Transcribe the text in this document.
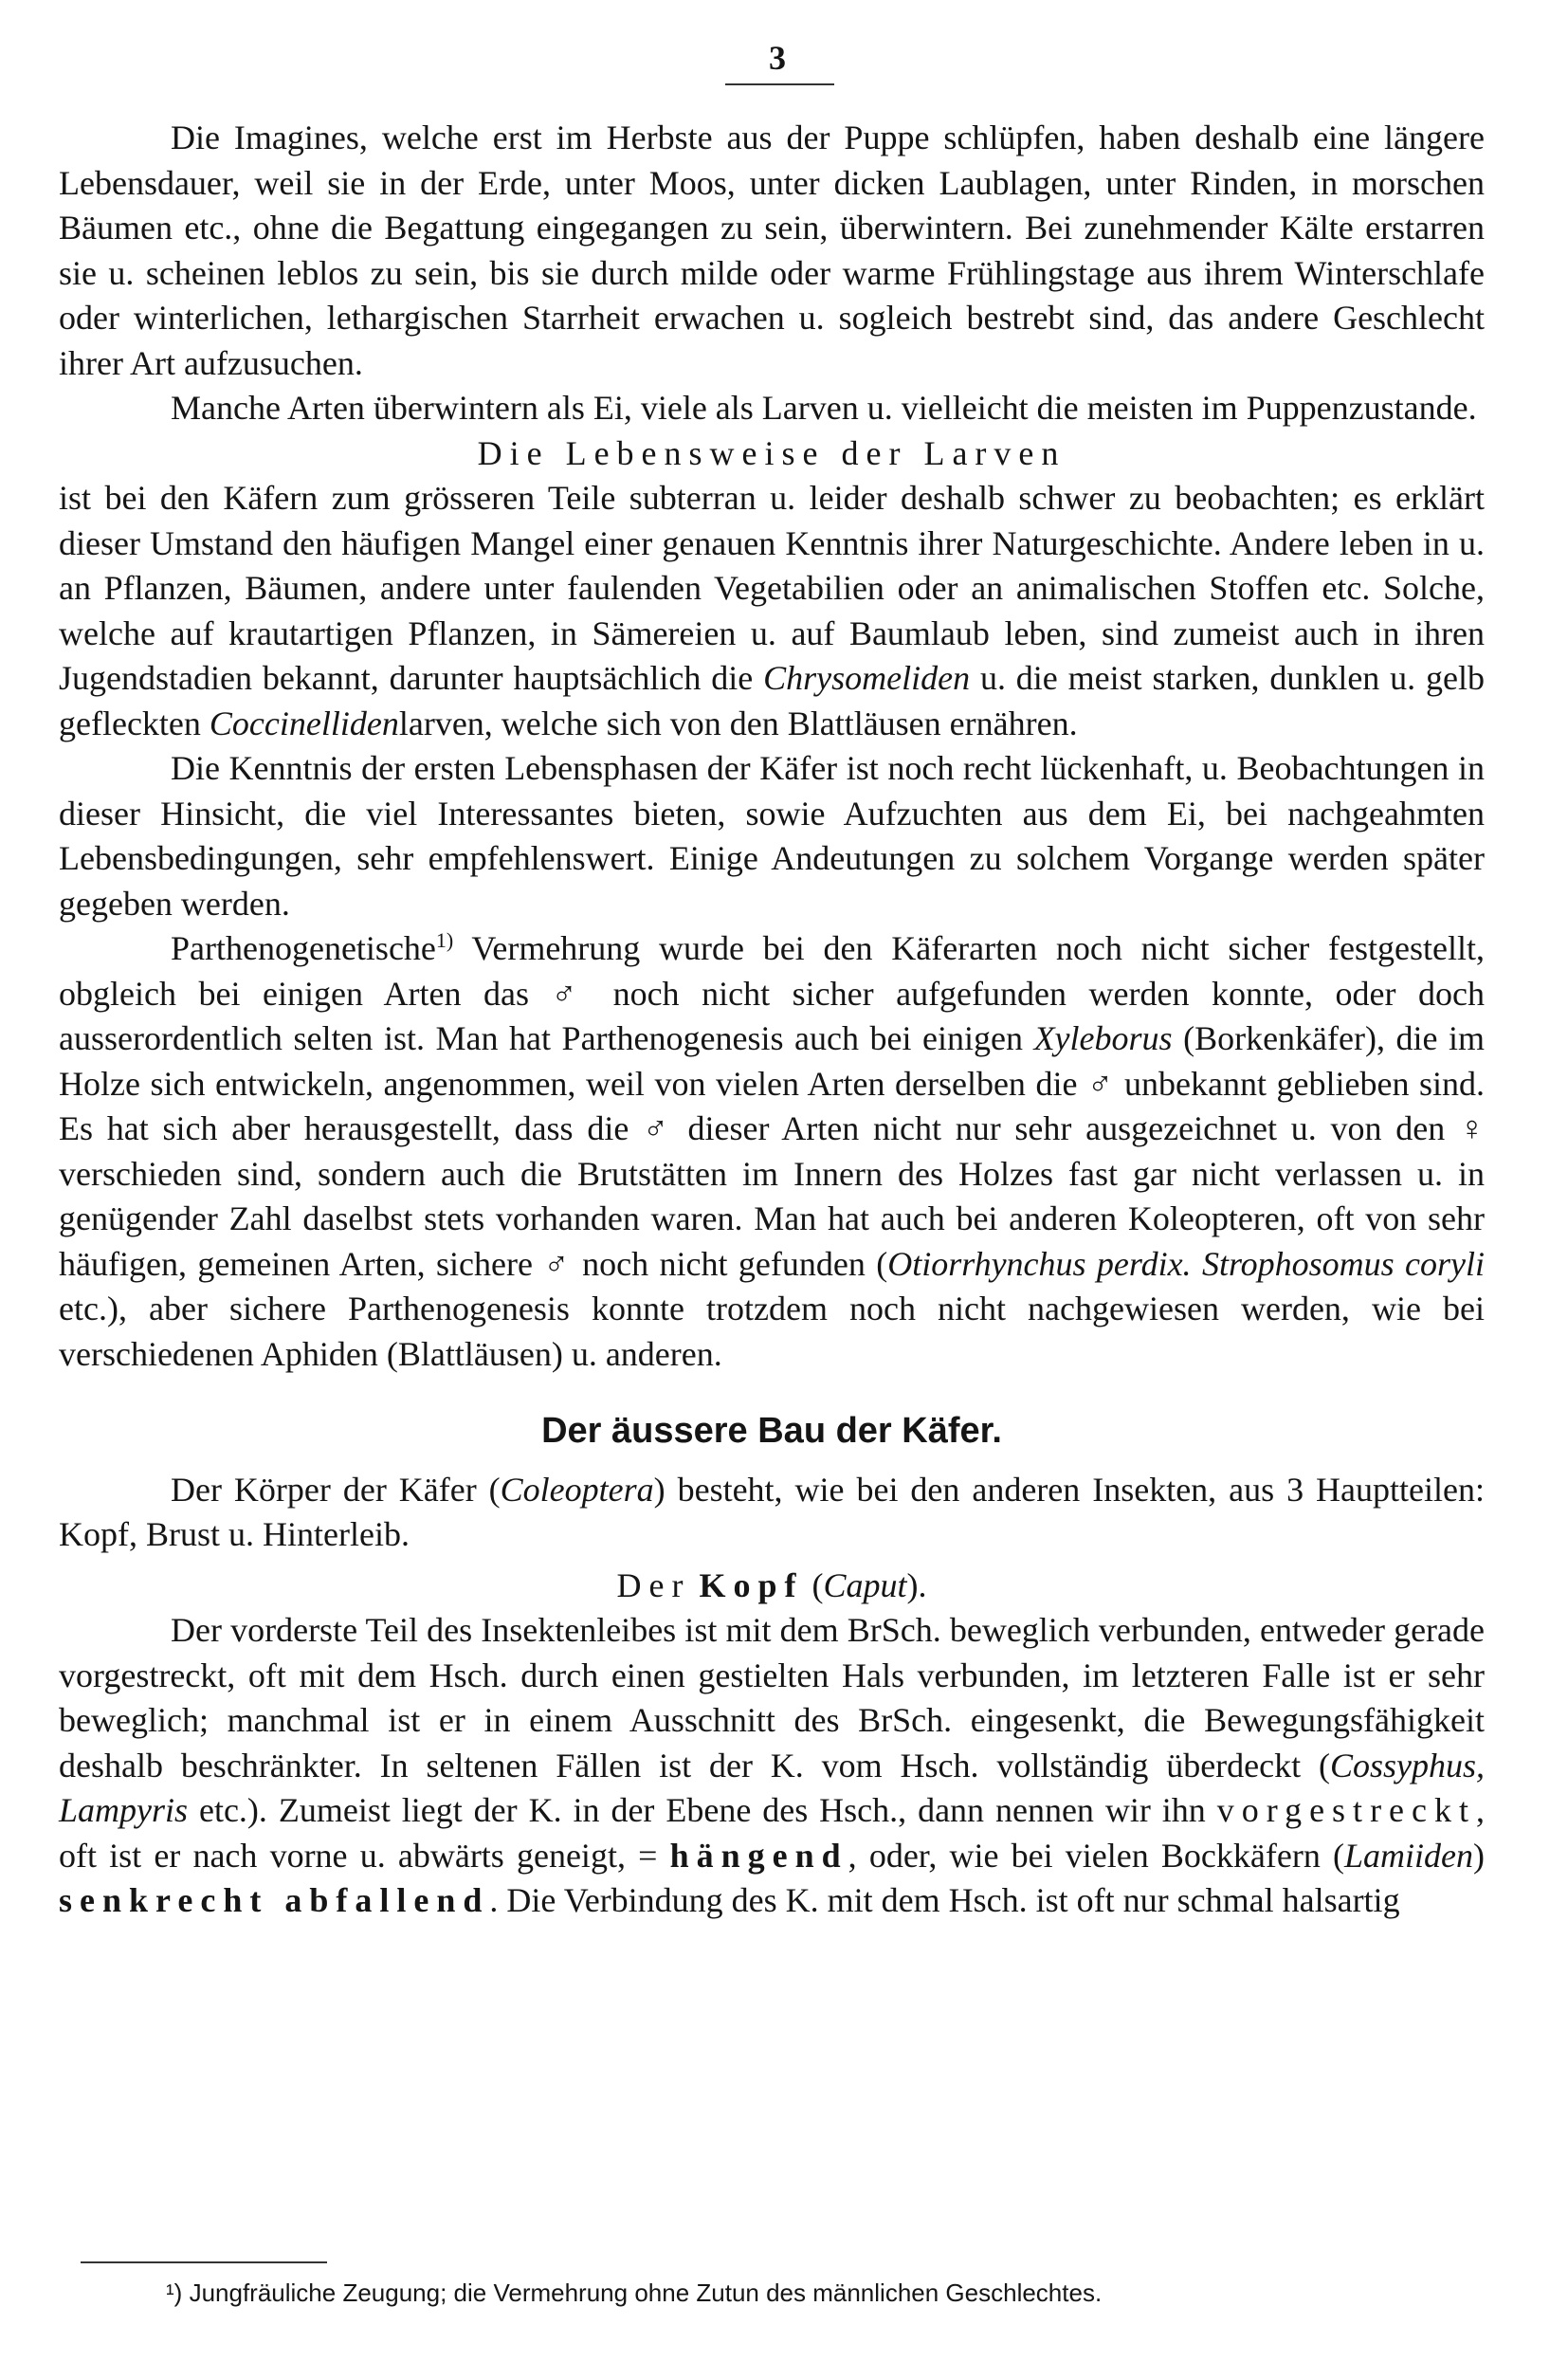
3

Die Imagines, welche erst im Herbste aus der Puppe schlüpfen, haben deshalb eine längere Lebensdauer, weil sie in der Erde, unter Moos, unter dicken Laublagen, unter Rinden, in morschen Bäumen etc., ohne die Begattung eingegangen zu sein, überwintern. Bei zunehmender Kälte erstarren sie u. scheinen leblos zu sein, bis sie durch milde oder warme Frühlingstage aus ihrem Winterschlafe oder winterlichen, lethargischen Starrheit erwachen u. sogleich bestrebt sind, das andere Geschlecht ihrer Art aufzusuchen.

Manche Arten überwintern als Ei, viele als Larven u. vielleicht die meisten im Puppenzustande.

Die Lebensweise der Larven

ist bei den Käfern zum grösseren Teile subterran u. leider deshalb schwer zu beobachten; es erklärt dieser Umstand den häufigen Mangel einer genauen Kenntnis ihrer Naturgeschichte. Andere leben in u. an Pflanzen, Bäumen, andere unter faulenden Vegetabilien oder an animalischen Stoffen etc. Solche, welche auf krautartigen Pflanzen, in Sämereien u. auf Baumlaub leben, sind zumeist auch in ihren Jugendstadien bekannt, darunter hauptsächlich die Chrysomeliden u. die meist starken, dunklen u. gelb gefleckten Coccinellidenlarven, welche sich von den Blattläusen ernähren.

Die Kenntnis der ersten Lebensphasen der Käfer ist noch recht lückenhaft, u. Beobachtungen in dieser Hinsicht, die viel Interessantes bieten, sowie Aufzuchten aus dem Ei, bei nachgeahmten Lebensbedingungen, sehr empfehlenswert. Einige Andeutungen zu solchem Vorgange werden später gegeben werden.

Parthenogenetische$^{1)}$ Vermehrung wurde bei den Käferarten noch nicht sicher festgestellt, obgleich bei einigen Arten das ♂ noch nicht sicher aufgefunden werden konnte, oder doch ausserordentlich selten ist. Man hat Parthenogenesis auch bei einigen Xyleborus (Borkenkäfer), die im Holze sich entwickeln, angenommen, weil von vielen Arten derselben die ♂ unbekannt geblieben sind. Es hat sich aber herausgestellt, dass die ♂ dieser Arten nicht nur sehr ausgezeichnet u. von den ♀ verschieden sind, sondern auch die Brutstätten im Innern des Holzes fast gar nicht verlassen u. in genügender Zahl daselbst stets vorhanden waren. Man hat auch bei anderen Koleopteren, oft von sehr häufigen, gemeinen Arten, sichere ♂ noch nicht gefunden (Otiorrhynchus perdix. Strophosomus coryli etc.), aber sichere Parthenogenesis konnte trotzdem noch nicht nachgewiesen werden, wie bei verschiedenen Aphiden (Blattläusen) u. anderen.

Der äussere Bau der Käfer.

Der Körper der Käfer (Coleoptera) besteht, wie bei den anderen Insekten, aus 3 Hauptteilen: Kopf, Brust u. Hinterleib.

Der Kopf (Caput).

Der vorderste Teil des Insektenleibes ist mit dem BrSch. beweglich verbunden, entweder gerade vorgestreckt, oft mit dem Hsch. durch einen gestielten Hals verbunden, im letzteren Falle ist er sehr beweglich; manchmal ist er in einem Ausschnitt des BrSch. eingesenkt, die Bewegungsfähigkeit deshalb beschränkter. In seltenen Fällen ist der K. vom Hsch. vollständig überdeckt (Cossyphus, Lampyris etc.). Zumeist liegt der K. in der Ebene des Hsch., dann nennen wir ihn vorgestreckt, oft ist er nach vorne u. abwärts geneigt, = hängend, oder, wie bei vielen Bockkäfern (Lamiiden) senkrecht abfallend. Die Verbindung des K. mit dem Hsch. ist oft nur schmal halsartig

¹) Jungfräuliche Zeugung; die Vermehrung ohne Zutun des männlichen Geschlechtes.
